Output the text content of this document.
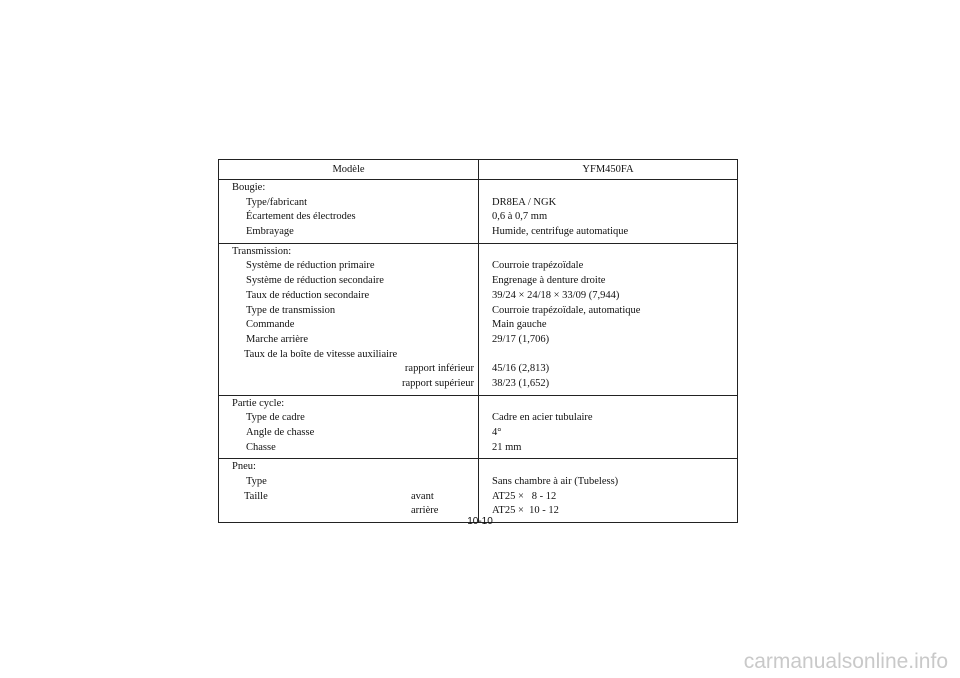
Modèle	YFM450FA
Bougie:
Type/fabricant
Écartement des électrodes
Embrayage
DR8EA / NGK
0,6 à 0,7 mm
Humide, centrifuge automatique
Transmission:
Système de réduction primaire
Système de réduction secondaire
Taux de réduction secondaire
Type de transmission
Commande
Marche arrière
Taux de la boîte de vitesse auxiliaire
rapport inférieur
rapport supérieur
Courroie trapézoïdale
Engrenage à denture droite
39/24 × 24/18 × 33/09 (7,944)
Courroie trapézoïdale, automatique
Main gauche
29/17 (1,706)
45/16 (2,813)
38/23 (1,652)
Partie cycle:
Type de cadre
Angle de chasse
Chasse
Cadre en acier tubulaire
4°
21 mm
Pneu:
Type
Taille	avant
arrière
Sans chambre à air (Tubeless)
AT25 ×   8 - 12
AT25 ×  10 - 12
10-10
carmanualsonline.info
